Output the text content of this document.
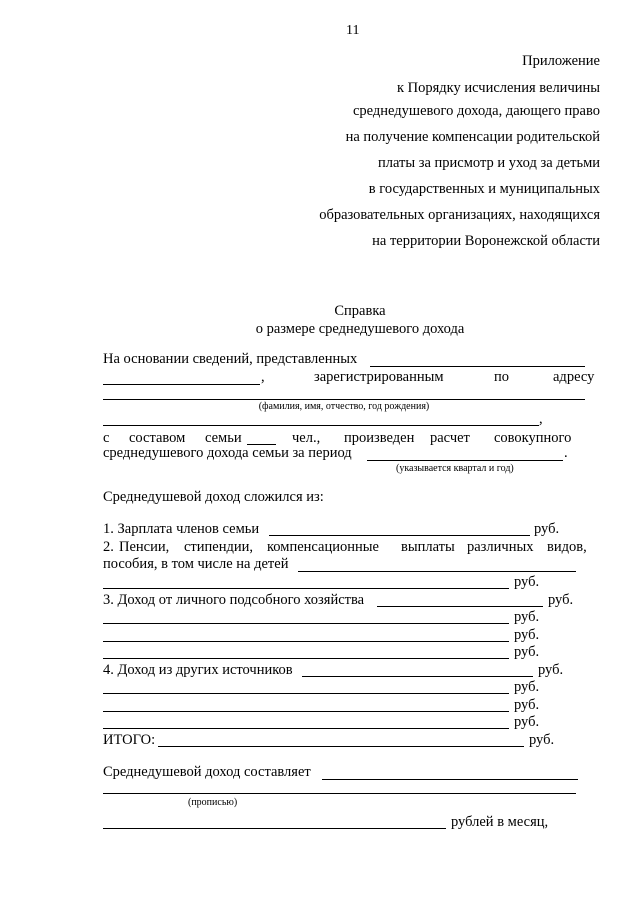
11
Приложение
к Порядку исчисления величины
среднедушевого дохода, дающего право
на получение компенсации родительской
платы за присмотр и уход за детьми
в государственных и муниципальных
образовательных организациях, находящихся
на территории Воронежской области
Справка
о размере среднедушевого дохода
На основании сведений, представленных
,	зарегистрированным	по	адресу
(фамилия, имя, отчество, год рождения)
,
с составом семьи	чел., произведен расчет совокупного
среднедушевого дохода семьи за период	.
(указывается квартал и год)
Среднедушевой доход сложился из:
1. Зарплата членов семьи	руб.
2. Пенсии, стипендии, компенсационные выплаты различных видов,
пособия, в том числе на детей
руб.
3. Доход от личного подсобного хозяйства	руб.
руб.
руб.
руб.
4. Доход из других источников	руб.
руб.
руб.
руб.
ИТОГО:	руб.
Среднедушевой доход составляет
(прописью)
рублей в месяц,
